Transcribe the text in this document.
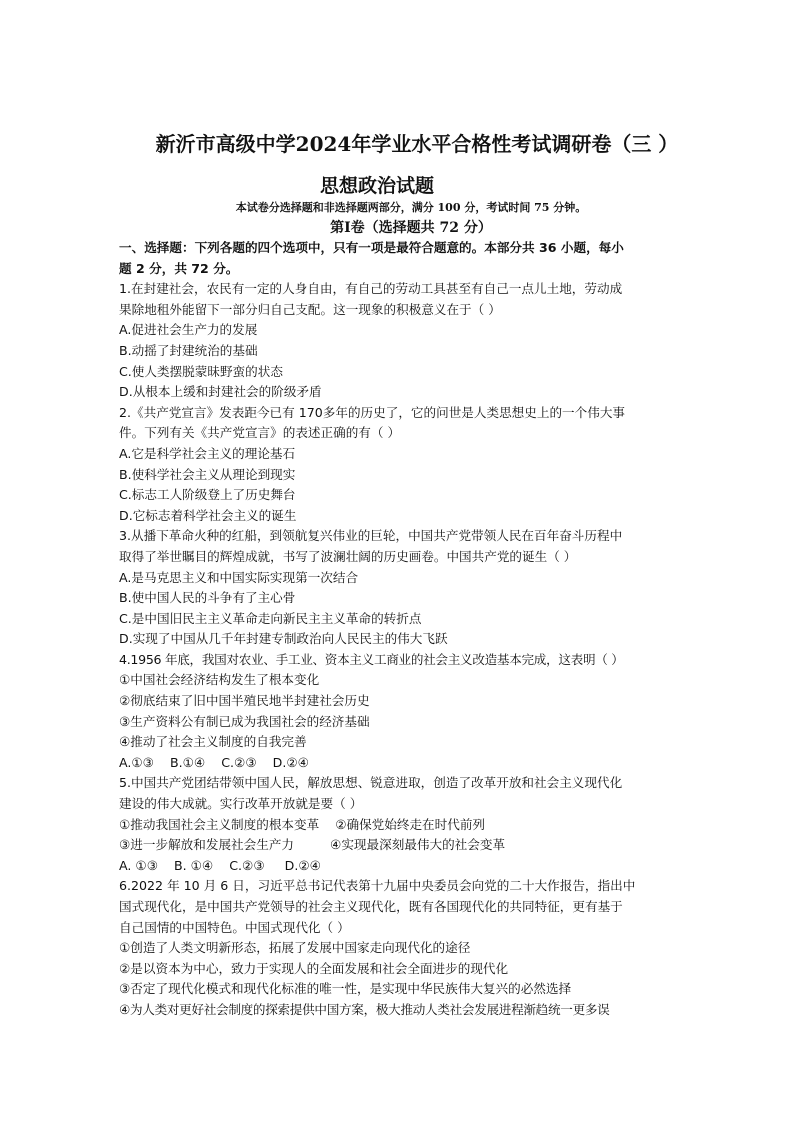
新沂市高级中学2024年学业水平合格性考试调研卷（三 ）
思想政治试题
本试卷分选择题和非选择题两部分，满分 100 分，考试时间 75 分钟。
第Ⅰ卷（选择题共 72 分）
一、选择题：下列各题的四个选项中，只有一项是最符合题意的。本部分共 36 小题，每小
题 2 分，共 72 分。
1.在封建社会，农民有一定的人身自由，有自己的劳动工具甚至有自己一点儿土地，劳动成
果除地租外能留下一部分归自己支配。这一现象的积极意义在于（ ）
A.促进社会生产力的发展
B.动摇了封建统治的基础
C.使人类摆脱蒙昧野蛮的状态
D.从根本上缓和封建社会的阶级矛盾
2.《共产党宣言》发表距今已有 170多年的历史了，它的问世是人类思想史上的一个伟大事
件。下列有关《共产党宣言》的表述正确的有（ ）
A.它是科学社会主义的理论基石
B.使科学社会主义从理论到现实
C.标志工人阶级登上了历史舞台
D.它标志着科学社会主义的诞生
3.从播下革命火种的红船，到领航复兴伟业的巨轮，中国共产党带领人民在百年奋斗历程中
取得了举世瞩目的辉煌成就，书写了波澜壮阔的历史画卷。中国共产党的诞生（ ）
A.是马克思主义和中国实际实现第一次结合
B.使中国人民的斗争有了主心骨
C.是中国旧民主主义革命走向新民主主义革命的转折点
D.实现了中国从几千年封建专制政治向人民民主的伟大飞跃
4.1956 年底，我国对农业、手工业、资本主义工商业的社会主义改造基本完成，这表明（ ）
①中国社会经济结构发生了根本变化
②彻底结束了旧中国半殖民地半封建社会历史
③生产资料公有制已成为我国社会的经济基础
④推动了社会主义制度的自我完善
A.①③    B.①④    C.②③    D.②④
5.中国共产党团结带领中国人民，解放思想、锐意进取，创造了改革开放和社会主义现代化
建设的伟大成就。实行改革开放就是要（ ）
①推动我国社会主义制度的根本变革    ②确保党始终走在时代前列
③进一步解放和发展社会生产力         ④实现最深刻最伟大的社会变革
A. ①③    B. ①④    C.②③     D.②④
6.2022 年 10 月 6 日，习近平总书记代表第十九届中央委员会向党的二十大作报告，指出中
国式现代化，是中国共产党领导的社会主义现代化，既有各国现代化的共同特征，更有基于
自己国情的中国特色。中国式现代化（ ）
①创造了人类文明新形态，拓展了发展中国家走向现代化的途径
②是以资本为中心，致力于实现人的全面发展和社会全面进步的现代化
③否定了现代化模式和现代化标准的唯一性，是实现中华民族伟大复兴的必然选择
④为人类对更好社会制度的探索提供中国方案，极大推动人类社会发展进程渐趋统一更多误
